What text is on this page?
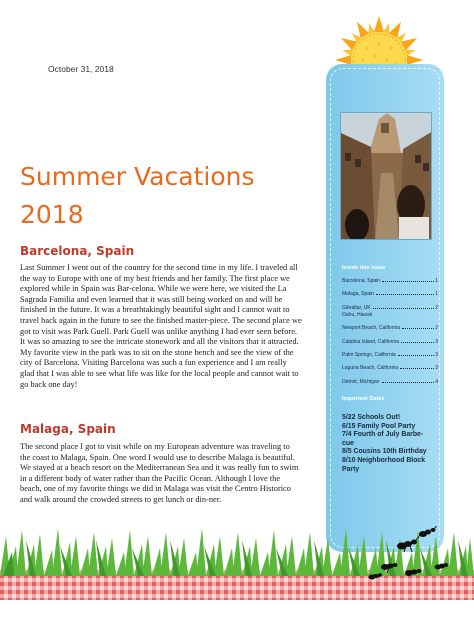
October 31, 2018
Summer Vacations
2018
Barcelona, Spain

Last Summer I went out of the country for the second time in my life. I traveled all the way to Europe with one of my best friends and her family. The first place we explored while in Spain was Bar-celona. While we were here, we visited the La Sagrada Familia and even learned that it was still being worked on and will be finished in the future. It was a breathtakingly beautiful sight and I cannot wait to travel back again in the future to see the finished master-piece. The second place we got to visit was Park Guell. Park Guell was unlike anything I had ever seen before. It was so amazing to see the intricate stonework and all the visitors that it attracted. My favorite view in the park was to sit on the stone bench and see the view of the city of Barcelona. Visiting Barcelona was such a fun experience and I am really glad that I was able to see what life was like for the local people and cannot wait to go back one day!

Malaga, Spain

The second place I got to visit while on my European adventure was traveling to the coast to Malaga, Spain. One word I would use to describe Malaga is beautiful. We stayed at a beach resort on the Mediterranean Sea and it was really fun to swim in a different body of water rather than the Pacific Ocean. Although I love the beach, one of my favorite things we did in Malaga was visit the Centro Historico and walk around the crowded streets to get lunch or din-ner.

Inside this issue
Barcelona, Spain	1
Malaga, Spain	1
Gibraltar, UK	2
Oahu, Hawaii
Newport Beach, California	2
Catalina Island, California	3
Palm Springs, California	3
Laguna Beach, California	3
Detroit, Michigan	4
Important Dates
5/22 Schools Out!
6/15 Family Pool Party
7/4 Fourth of July Barbe-
cue
8/5 Cousins 10th Birthday
8/10 Neighborhood Block
Party
